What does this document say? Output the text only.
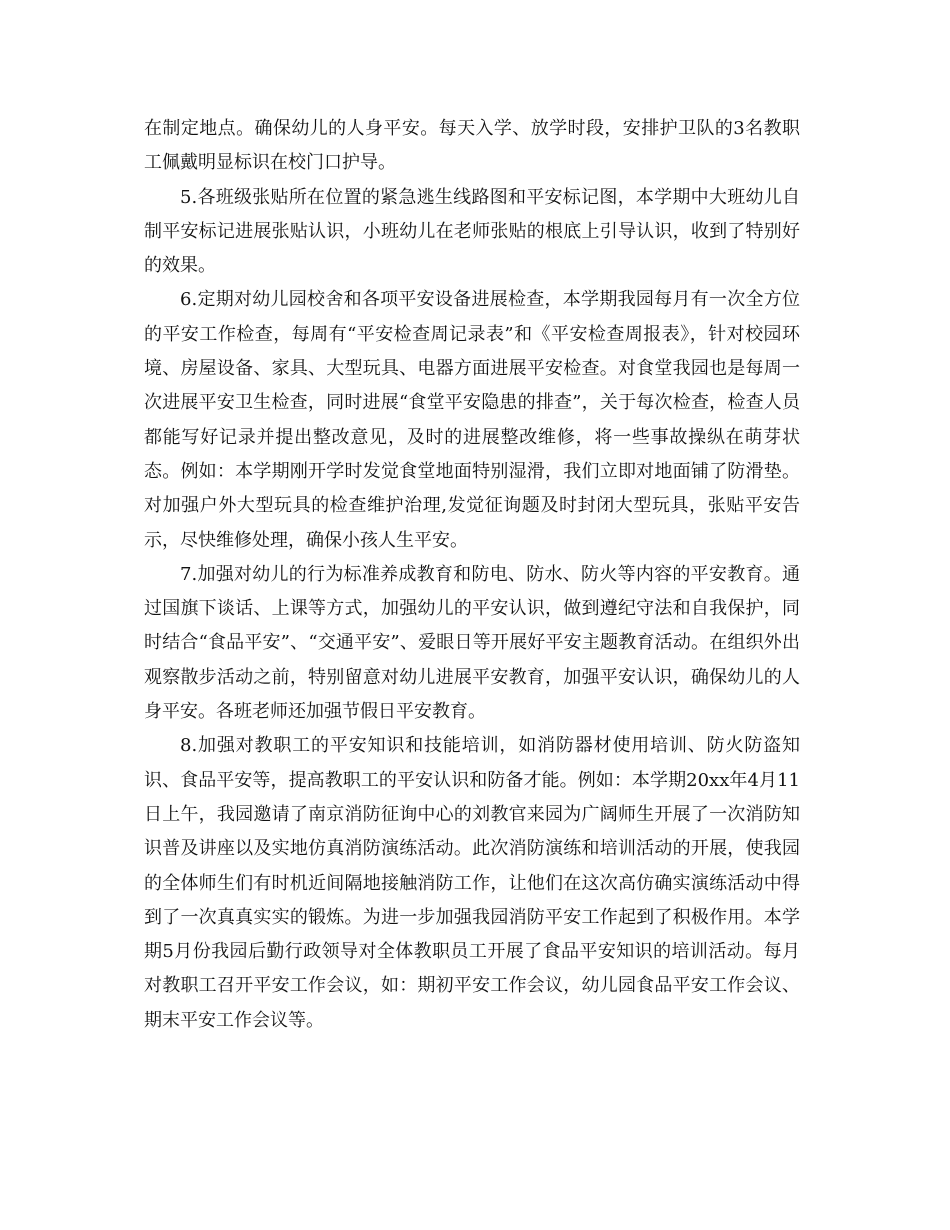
在制定地点。确保幼儿的人身平安。每天入学、放学时段，安排护卫队的3名教职工佩戴明显标识在校门口护导。

5.各班级张贴所在位置的紧急逃生线路图和平安标记图，本学期中大班幼儿自制平安标记进展张贴认识，小班幼儿在老师张贴的根底上引导认识，收到了特别好的效果。

6.定期对幼儿园校舍和各项平安设备进展检查，本学期我园每月有一次全方位的平安工作检查，每周有“平安检查周记录表”和《平安检查周报表》，针对校园环境、房屋设备、家具、大型玩具、电器方面进展平安检查。对食堂我园也是每周一次进展平安卫生检查，同时进展“食堂平安隐患的排查”，关于每次检查，检查人员都能写好记录并提出整改意见，及时的进展整改维修，将一些事故操纵在萌芽状态。例如：本学期刚开学时发觉食堂地面特别湿滑，我们立即对地面铺了防滑垫。对加强户外大型玩具的检查维护治理,发觉征询题及时封闭大型玩具，张贴平安告示，尽快维修处理，确保小孩人生平安。

7.加强对幼儿的行为标准养成教育和防电、防水、防火等内容的平安教育。通过国旗下谈话、上课等方式，加强幼儿的平安认识，做到遵纪守法和自我保护，同时结合“食品平安”、“交通平安”、爱眼日等开展好平安主题教育活动。在组织外出观察散步活动之前，特别留意对幼儿进展平安教育，加强平安认识，确保幼儿的人身平安。各班老师还加强节假日平安教育。

8.加强对教职工的平安知识和技能培训，如消防器材使用培训、防火防盗知识、食品平安等，提高教职工的平安认识和防备才能。例如：本学期20xx年4月11日上午，我园邀请了南京消防征询中心的刘教官来园为广阔师生开展了一次消防知识普及讲座以及实地仿真消防演练活动。此次消防演练和培训活动的开展，使我园的全体师生们有时机近间隔地接触消防工作，让他们在这次高仿确实演练活动中得到了一次真真实实的锻炼。为进一步加强我园消防平安工作起到了积极作用。本学期5月份我园后勤行政领导对全体教职员工开展了食品平安知识的培训活动。每月对教职工召开平安工作会议，如：期初平安工作会议，幼儿园食品平安工作会议、期末平安工作会议等。
